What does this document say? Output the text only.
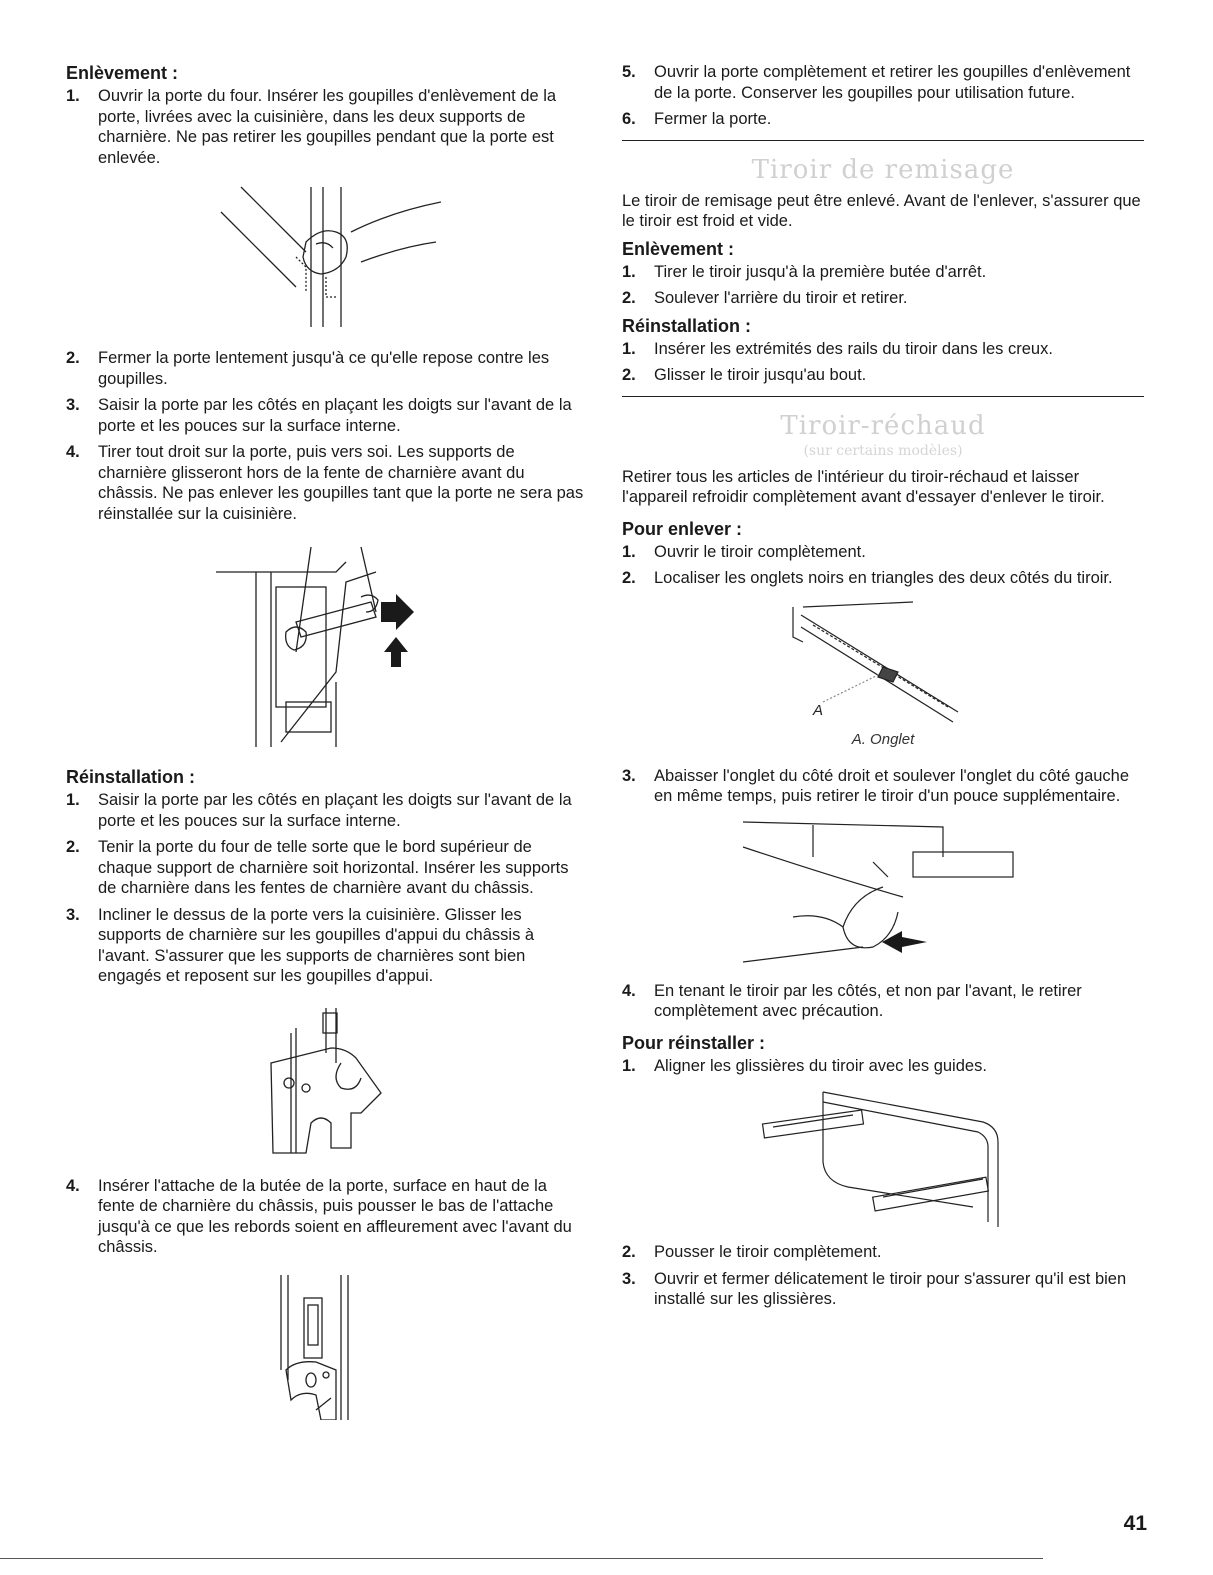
Enlèvement :
1. Ouvrir la porte du four. Insérer les goupilles d'enlèvement de la porte, livrées avec la cuisinière, dans les deux supports de charnière. Ne pas retirer les goupilles pendant que la porte est enlevée.
2. Fermer la porte lentement jusqu'à ce qu'elle repose contre les goupilles.
3. Saisir la porte par les côtés en plaçant les doigts sur l'avant de la porte et les pouces sur la surface interne.
4. Tirer tout droit sur la porte, puis vers soi. Les supports de charnière glisseront hors de la fente de charnière avant du châssis. Ne pas enlever les goupilles tant que la porte ne sera pas réinstallée sur la cuisinière.
Réinstallation :
1. Saisir la porte par les côtés en plaçant les doigts sur l'avant de la porte et les pouces sur la surface interne.
2. Tenir la porte du four de telle sorte que le bord supérieur de chaque support de charnière soit horizontal. Insérer les supports de charnière dans les fentes de charnière avant du châssis.
3. Incliner le dessus de la porte vers la cuisinière. Glisser les supports de charnière sur les goupilles d'appui du châssis à l'avant. S'assurer que les supports de charnières sont bien engagés et reposent sur les goupilles d'appui.
4. Insérer l'attache de la butée de la porte, surface en haut de la fente de charnière du châssis, puis pousser le bas de l'attache jusqu'à ce que les rebords soient en affleurement avec l'avant du châssis.
5. Ouvrir la porte complètement et retirer les goupilles d'enlèvement de la porte. Conserver les goupilles pour utilisation future.
6. Fermer la porte.
Tiroir de remisage

Le tiroir de remisage peut être enlevé. Avant de l'enlever, s'assurer que le tiroir est froid et vide.

Enlèvement :
1. Tirer le tiroir jusqu'à la première butée d'arrêt.
2. Soulever l'arrière du tiroir et retirer.
Réinstallation :
1. Insérer les extrémités des rails du tiroir dans les creux.
2. Glisser le tiroir jusqu'au bout.
Tiroir-réchaud
(sur certains modèles)

Retirer tous les articles de l'intérieur du tiroir-réchaud et laisser l'appareil refroidir complètement avant d'essayer d'enlever le tiroir.

Pour enlever :
1. Ouvrir le tiroir complètement.
2. Localiser les onglets noirs en triangles des deux côtés du tiroir.
A
A. Onglet
3. Abaisser l'onglet du côté droit et soulever l'onglet du côté gauche en même temps, puis retirer le tiroir d'un pouce supplémentaire.
4. En tenant le tiroir par les côtés, et non par l'avant, le retirer complètement avec précaution.
Pour réinstaller :
1. Aligner les glissières du tiroir avec les guides.
2. Pousser le tiroir complètement.
3. Ouvrir et fermer délicatement le tiroir pour s'assurer qu'il est bien installé sur les glissières.
41
